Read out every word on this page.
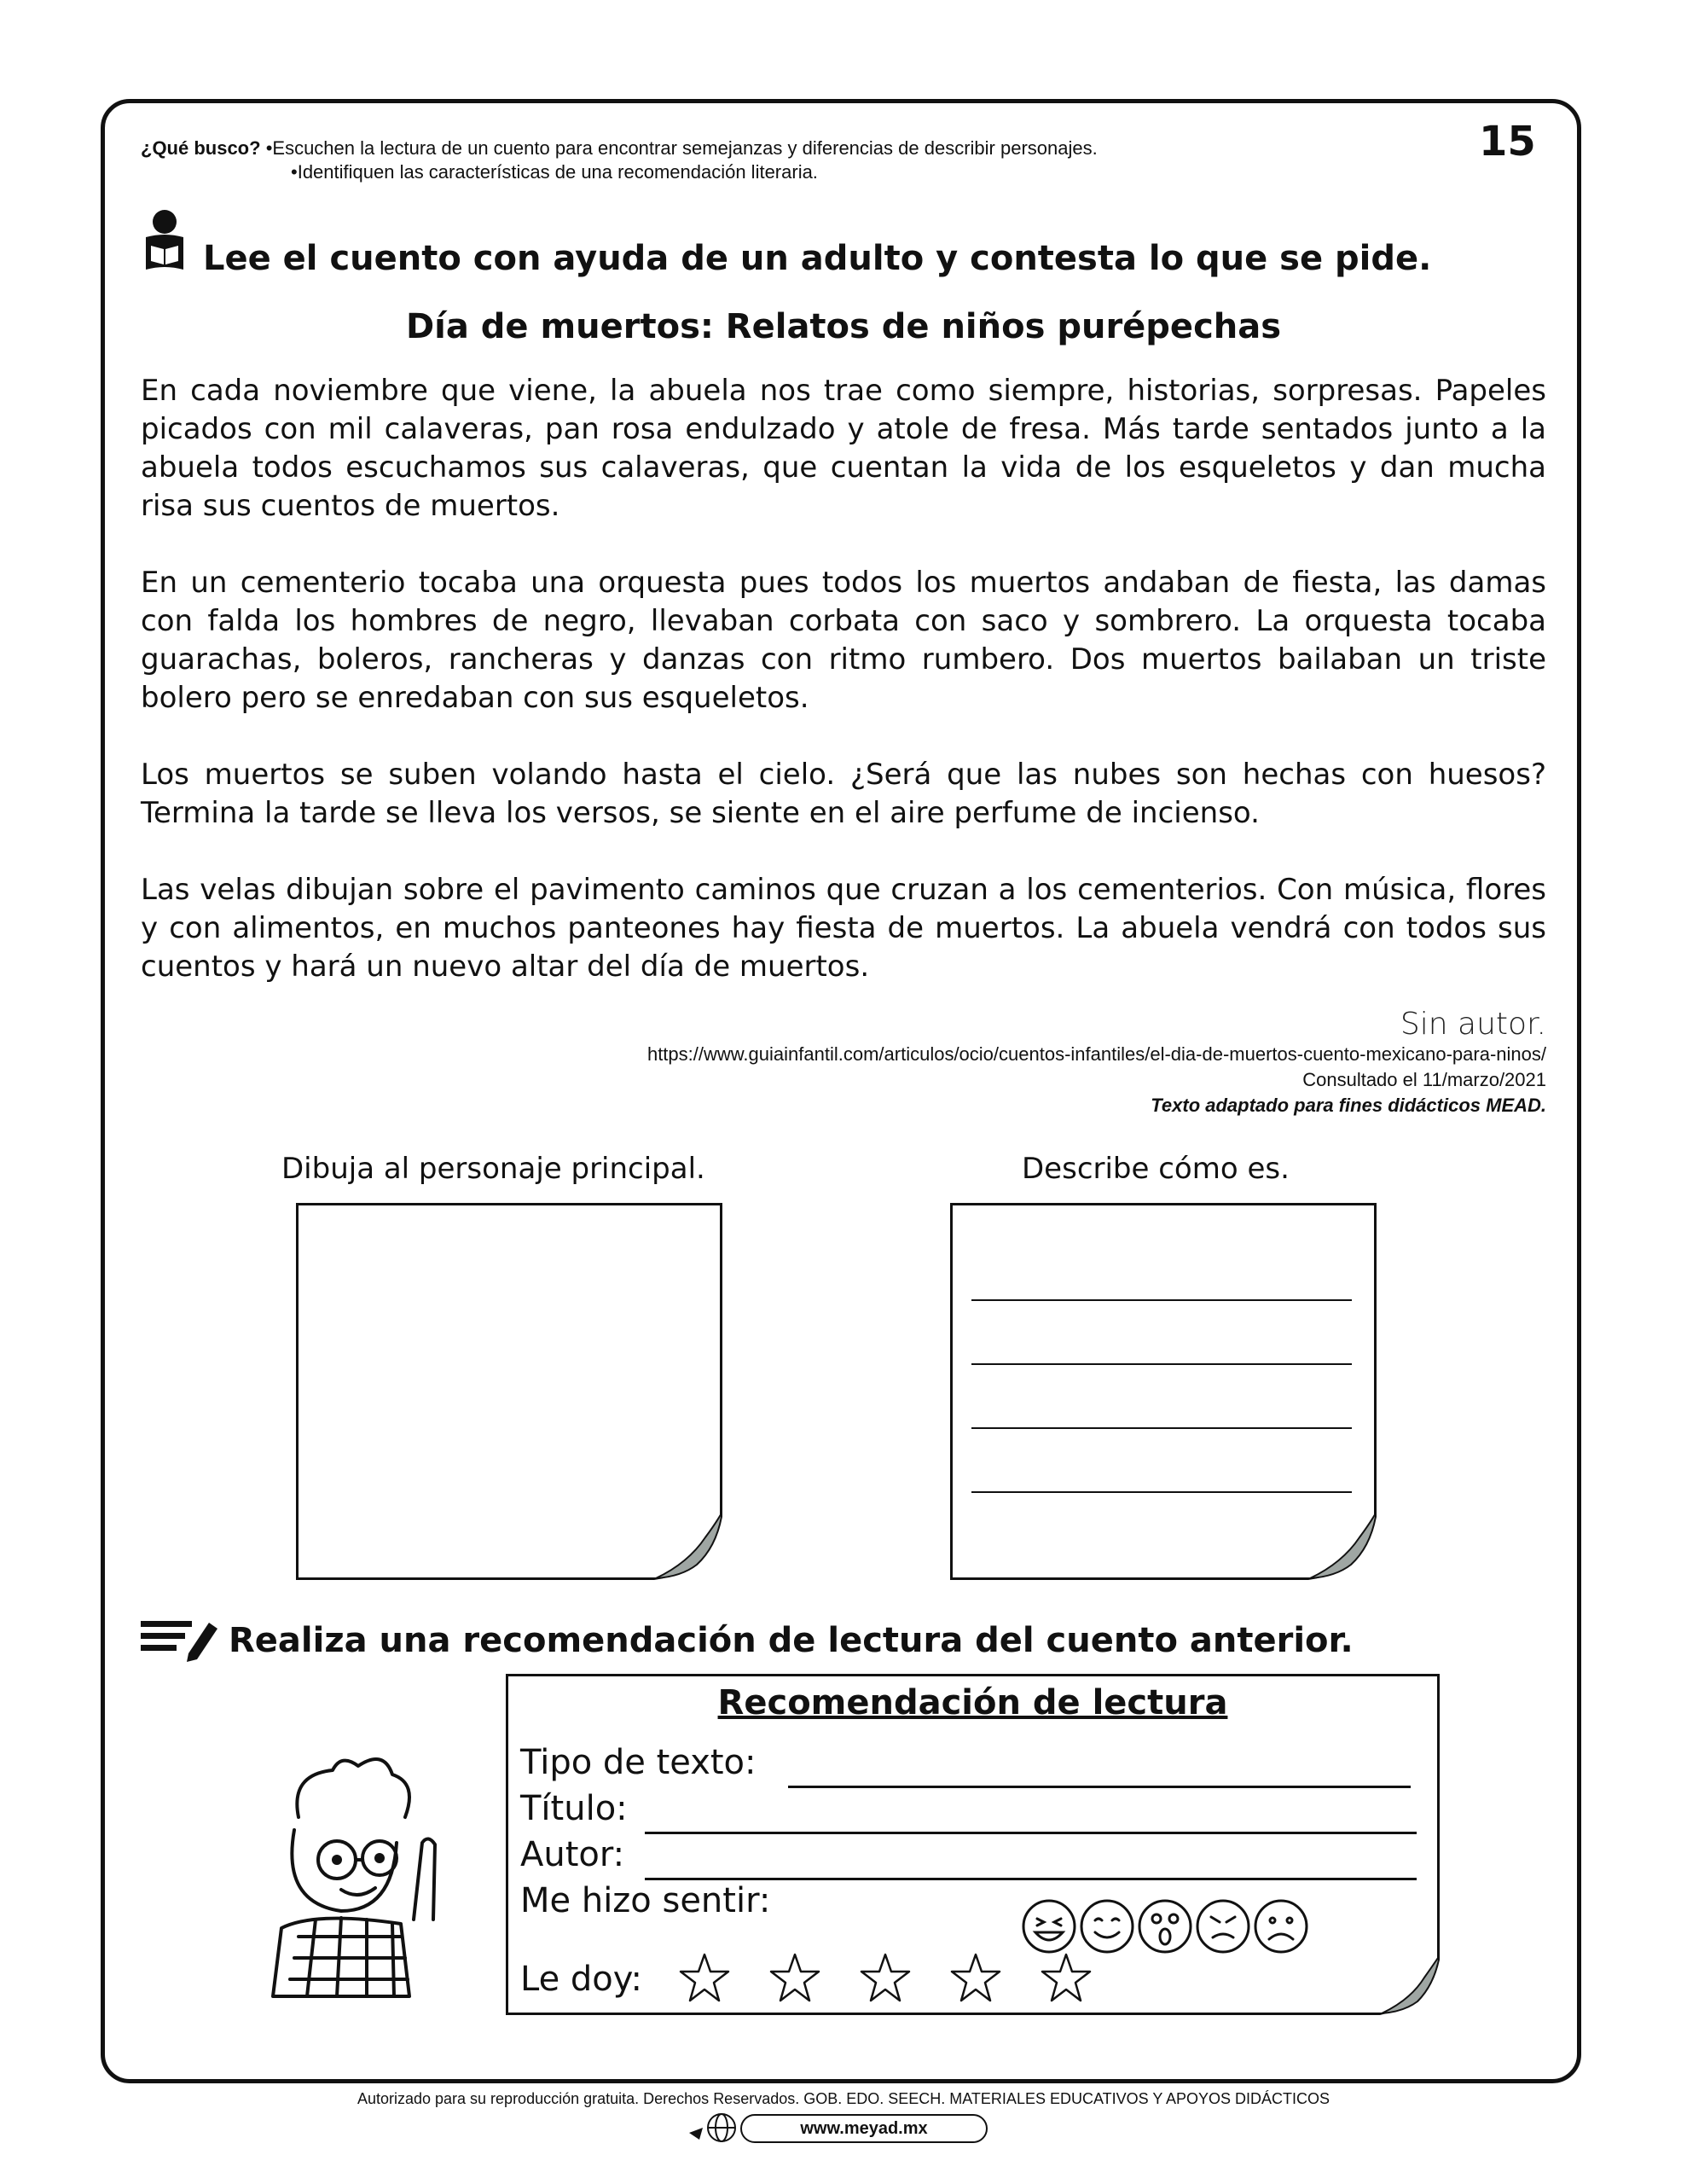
¿Qué busco? •Escuchen la lectura de un cuento para encontrar semejanzas y diferencias de describir personajes.
•Identifiquen las características de una recomendación literaria.
15
Lee el cuento con ayuda de un adulto y contesta lo que se pide.
Día de muertos: Relatos de niños purépechas

En cada noviembre que viene, la abuela nos trae como siempre, historias, sorpresas. Papeles picados con mil calaveras, pan rosa endulzado y atole de fresa. Más tarde sentados junto a la abuela todos escuchamos sus calaveras, que cuentan la vida de los esqueletos y dan mucha risa sus cuentos de muertos.

En un cementerio tocaba una orquesta pues todos los muertos andaban de fiesta, las damas con falda los hombres de negro, llevaban corbata con saco y sombrero. La orquesta tocaba guarachas, boleros, rancheras y danzas con ritmo rumbero. Dos muertos bailaban un triste bolero pero se enredaban con sus esqueletos.

Los muertos se suben volando hasta el cielo. ¿Será que las nubes son hechas con huesos? Termina la tarde se lleva los versos, se siente en el aire perfume de incienso.

Las velas dibujan sobre el pavimento caminos que cruzan a los cementerios. Con música, flores y con alimentos, en muchos panteones hay fiesta de muertos. La abuela vendrá con todos sus cuentos y hará un nuevo altar del día de muertos.

Sin autor.
https://www.guiainfantil.com/articulos/ocio/cuentos-infantiles/el-dia-de-muertos-cuento-mexicano-para-ninos/
Consultado el 11/marzo/2021
Texto adaptado para fines didácticos MEAD.
Dibuja al personaje principal.	Describe cómo es.
Realiza una recomendación de lectura del cuento anterior.
Recomendación de lectura
Tipo de texto:
Título:
Autor:
Me hizo sentir:
Le doy:
Autorizado para su reproducción gratuita. Derechos Reservados. GOB. EDO. SEECH. MATERIALES EDUCATIVOS Y APOYOS DIDÁCTICOS
www.meyad.mx
